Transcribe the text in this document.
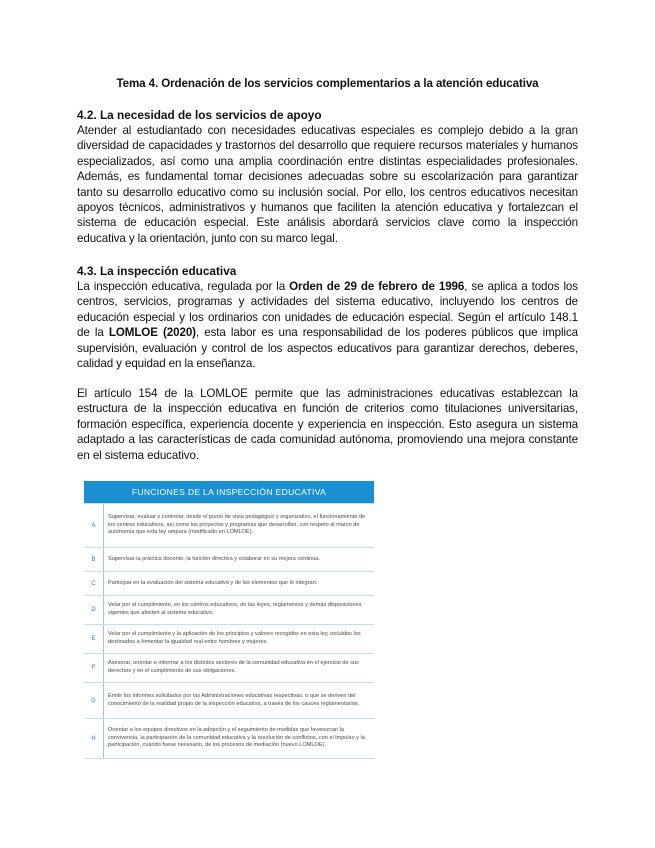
Tema 4. Ordenación de los servicios complementarios a la atención educativa

4.2. La necesidad de los servicios de apoyo

Atender al estudiantado con necesidades educativas especiales es complejo debido a la gran diversidad de capacidades y trastornos del desarrollo que requiere recursos materiales y humanos especializados, así como una amplia coordinación entre distintas especialidades profesionales. Además, es fundamental tomar decisiones adecuadas sobre su escolarización para garantizar tanto su desarrollo educativo como su inclusión social. Por ello, los centros educativos necesitan apoyos técnicos, administrativos y humanos que faciliten la atención educativa y fortalezcan el sistema de educación especial. Este análisis abordará servicios clave como la inspección educativa y la orientación, junto con su marco legal.

4.3. La inspección educativa

La inspección educativa, regulada por la Orden de 29 de febrero de 1996, se aplica a todos los centros, servicios, programas y actividades del sistema educativo, incluyendo los centros de educación especial y los ordinarios con unidades de educación especial. Según el artículo 148.1 de la LOMLOE (2020), esta labor es una responsabilidad de los poderes públicos que implica supervisión, evaluación y control de los aspectos educativos para garantizar derechos, deberes, calidad y equidad en la enseñanza.

El artículo 154 de la LOMLOE permite que las administraciones educativas establezcan la estructura de la inspección educativa en función de criterios como titulaciones universitarias, formación específica, experiencia docente y experiencia en inspección. Esto asegura un sistema adaptado a las características de cada comunidad autónoma, promoviendo una mejora constante en el sistema educativo.

FUNCIONES DE LA INSPECCIÓN EDUCATIVA	
A	Supervisar, evaluar y controlar, desde el punto de vista pedagógico y organizativo, el funcionamiento de los centros educativos, así como los proyectos y programas que desarrollen, con respeto al marco de autonomía que esta ley ampara (modificado en LOMLOE).
B	Supervisar la práctica docente, la función directiva y colaborar en su mejora continua.
C	Participar en la evaluación del sistema educativo y de los elementos que lo integran.
D	Velar por el cumplimiento, en los centros educativos, de las leyes, reglamentos y demás disposiciones vigentes que afecten al sistema educativo.
E	Velar por el cumplimiento y la aplicación de los principios y valores recogidos en esta ley, incluidos los destinados a fomentar la igualdad real entre hombres y mujeres.
F	Asesorar, orientar e informar a los distintos sectores de la comunidad educativa en el ejercicio de sus derechos y en el cumplimiento de sus obligaciones.
G	Emitir los informes solicitados por las Administraciones educativas respectivas, o que se deriven del conocimiento de la realidad propio de la inspección educativa, a través de los cauces reglamentarios.
H	Orientar a los equipos directivos en la adopción y el seguimiento de medidas que favorezcan la convivencia, la participación de la comunidad educativa y la resolución de conflictos, con el impulso y la participación, cuando fuese necesario, de los procesos de mediación (nuevo LOMLOE).
